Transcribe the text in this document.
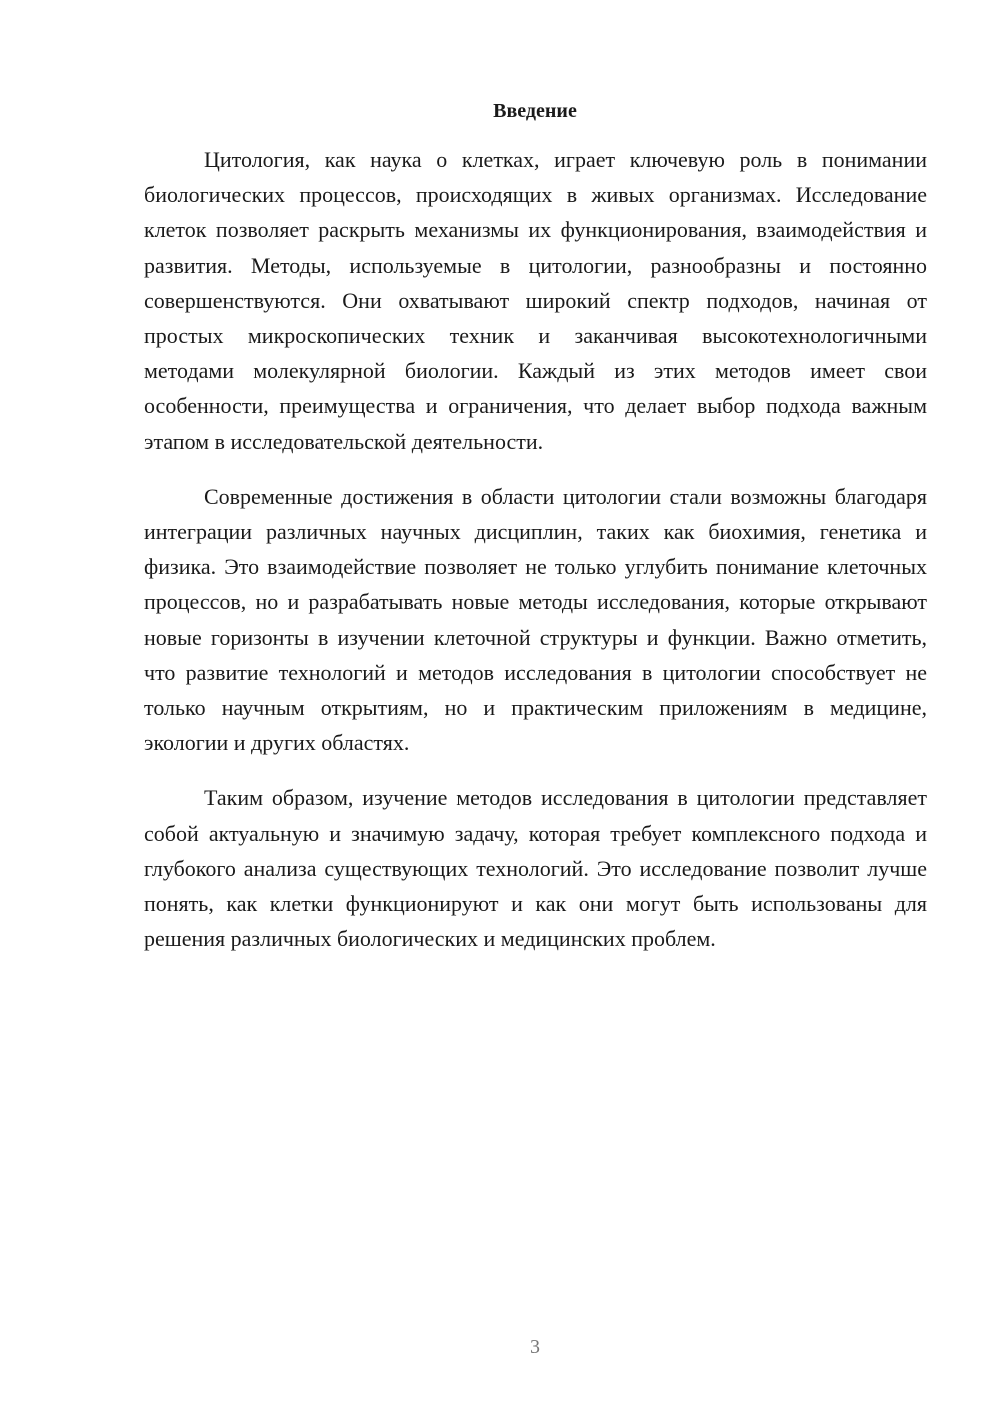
Введение

Цитология, как наука о клетках, играет ключевую роль в понимании биологических процессов, происходящих в живых организмах. Исследование клеток позволяет раскрыть механизмы их функционирования, взаимодействия и развития. Методы, используемые в цитологии, разнообразны и постоянно совершенствуются. Они охватывают широкий спектр подходов, начиная от простых микроскопических техник и заканчивая высокотехнологичными методами молекулярной биологии. Каждый из этих методов имеет свои особенности, преимущества и ограничения, что делает выбор подхода важным этапом в исследовательской деятельности.

Современные достижения в области цитологии стали возможны благодаря интеграции различных научных дисциплин, таких как биохимия, генетика и физика. Это взаимодействие позволяет не только углубить понимание клеточных процессов, но и разрабатывать новые методы исследования, которые открывают новые горизонты в изучении клеточной структуры и функции. Важно отметить, что развитие технологий и методов исследования в цитологии способствует не только научным открытиям, но и практическим приложениям в медицине, экологии и других областях.

Таким образом, изучение методов исследования в цитологии представляет собой актуальную и значимую задачу, которая требует комплексного подхода и глубокого анализа существующих технологий. Это исследование позволит лучше понять, как клетки функционируют и как они могут быть использованы для решения различных биологических и медицинских проблем.

3
